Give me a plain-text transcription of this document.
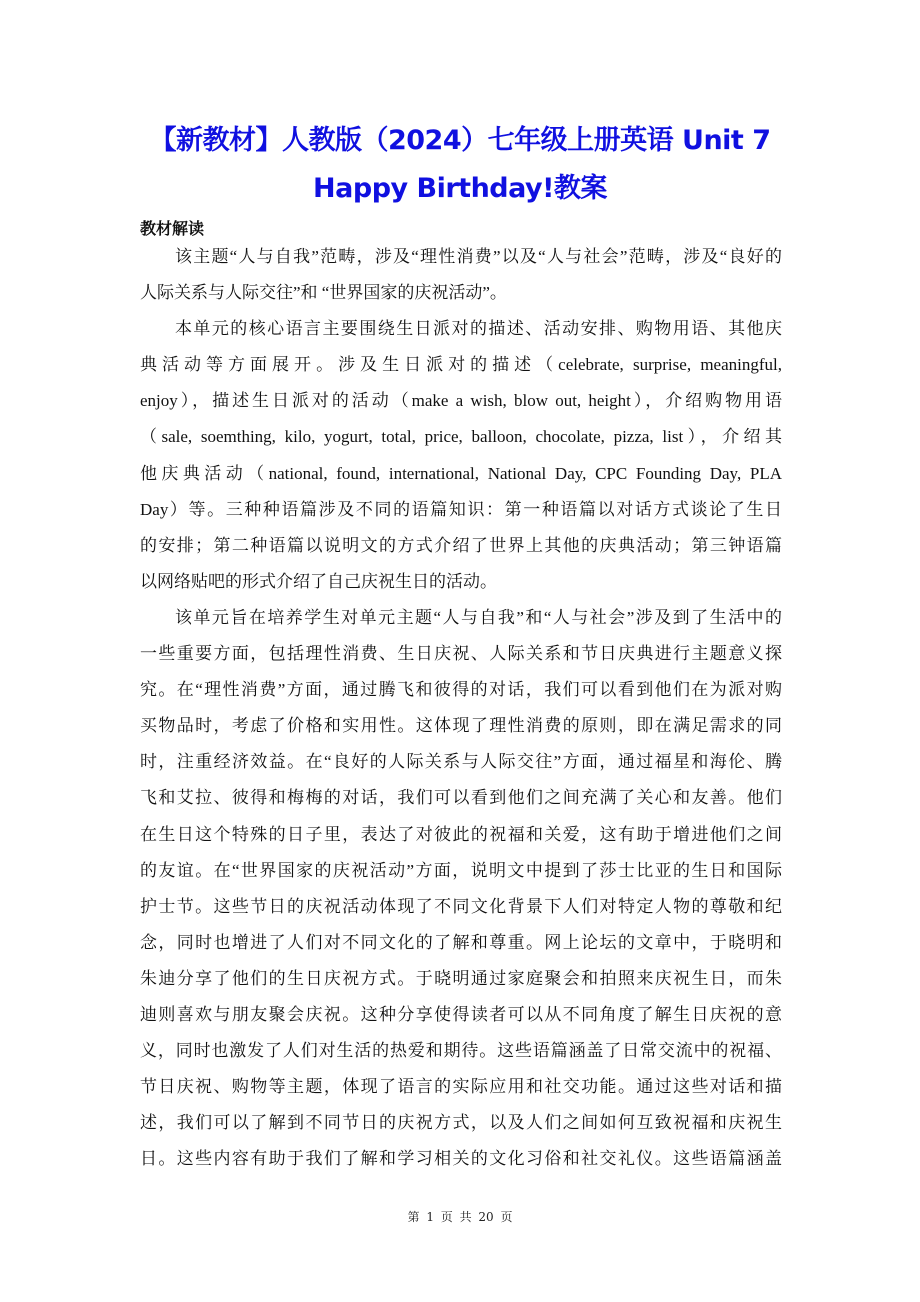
【新教材】人教版（2024）七年级上册英语 Unit 7
Happy Birthday!教案
教材解读
该主题“人与自我”范畴，涉及“理性消费”以及“人与社会”范畴，涉及“良好的
人际关系与人际交往”和 “世界国家的庆祝活动”。
本单元的核心语言主要围绕生日派对的描述、活动安排、购物用语、其他庆
典活动等方面展开。涉及生日派对的描述（celebrate, surprise, meaningful,
enjoy），描述生日派对的活动（make a wish, blow out, height），介绍购物用语
（sale, soemthing, kilo, yogurt, total, price, balloon, chocolate, pizza, list），介绍其
他庆典活动（national, found, international, National Day, CPC Founding Day, PLA
Day）等。三种种语篇涉及不同的语篇知识：第一种语篇以对话方式谈论了生日
的安排；第二种语篇以说明文的方式介绍了世界上其他的庆典活动；第三钟语篇
以网络贴吧的形式介绍了自己庆祝生日的活动。
该单元旨在培养学生对单元主题“人与自我”和“人与社会”涉及到了生活中的
一些重要方面，包括理性消费、生日庆祝、人际关系和节日庆典进行主题意义探
究。在“理性消费”方面，通过腾飞和彼得的对话，我们可以看到他们在为派对购
买物品时，考虑了价格和实用性。这体现了理性消费的原则，即在满足需求的同
时，注重经济效益。在“良好的人际关系与人际交往”方面，通过福星和海伦、腾
飞和艾拉、彼得和梅梅的对话，我们可以看到他们之间充满了关心和友善。他们
在生日这个特殊的日子里，表达了对彼此的祝福和关爱，这有助于增进他们之间
的友谊。在“世界国家的庆祝活动”方面，说明文中提到了莎士比亚的生日和国际
护士节。这些节日的庆祝活动体现了不同文化背景下人们对特定人物的尊敬和纪
念，同时也增进了人们对不同文化的了解和尊重。网上论坛的文章中，于晓明和
朱迪分享了他们的生日庆祝方式。于晓明通过家庭聚会和拍照来庆祝生日，而朱
迪则喜欢与朋友聚会庆祝。这种分享使得读者可以从不同角度了解生日庆祝的意
义，同时也激发了人们对生活的热爱和期待。这些语篇涵盖了日常交流中的祝福、
节日庆祝、购物等主题，体现了语言的实际应用和社交功能。通过这些对话和描
述，我们可以了解到不同节日的庆祝方式，以及人们之间如何互致祝福和庆祝生
日。这些内容有助于我们了解和学习相关的文化习俗和社交礼仪。这些语篇涵盖
第 1 页 共 20 页
